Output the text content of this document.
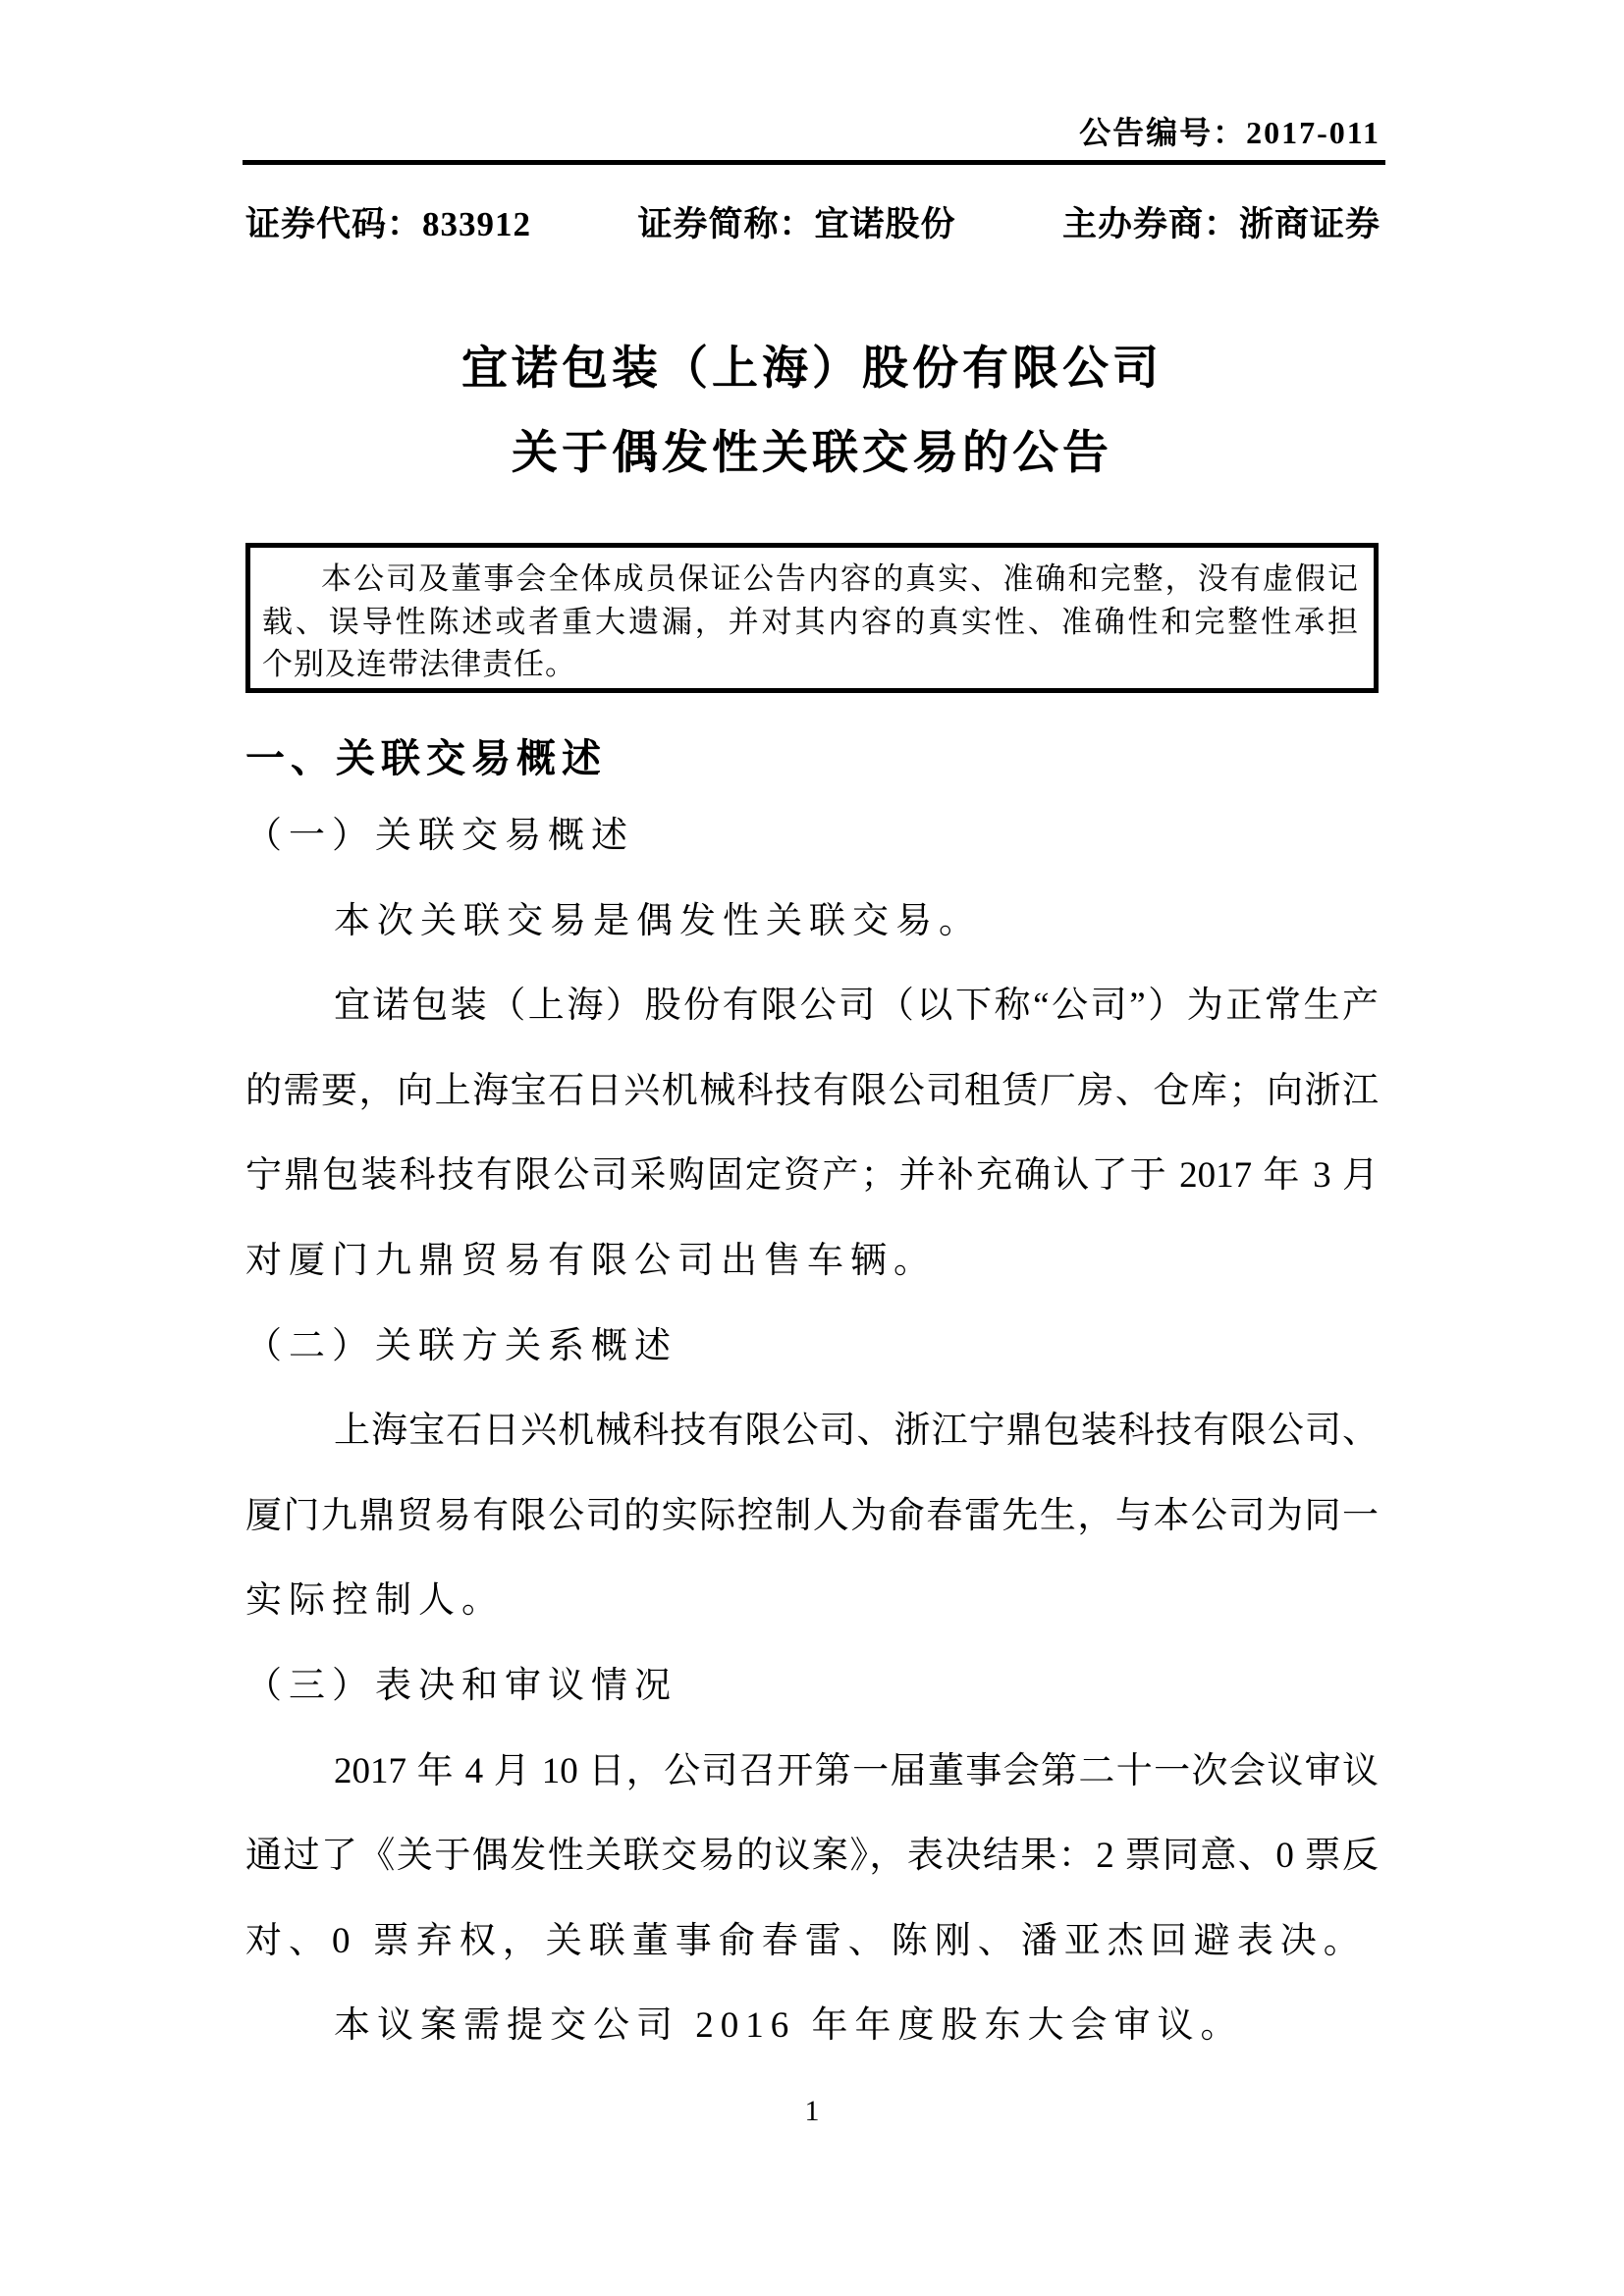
公告编号：2017-011
证券代码：833912	证券简称：宜诺股份	主办券商：浙商证券
宜诺包装（上海）股份有限公司
关于偶发性关联交易的公告
本公司及董事会全体成员保证公告内容的真实、准确和完整，没有虚假记
载、误导性陈述或者重大遗漏，并对其内容的真实性、准确性和完整性承担
个别及连带法律责任。
一、关联交易概述
（一）关联交易概述
本次关联交易是偶发性关联交易。
宜诺包装（上海）股份有限公司（以下称“公司”）为正常生产
的需要，向上海宝石日兴机械科技有限公司租赁厂房、仓库；向浙江
宁鼎包装科技有限公司采购固定资产；并补充确认了于 2017 年 3 月
对厦门九鼎贸易有限公司出售车辆。
（二）关联方关系概述
上海宝石日兴机械科技有限公司、浙江宁鼎包装科技有限公司、
厦门九鼎贸易有限公司的实际控制人为俞春雷先生，与本公司为同一
实际控制人。
（三）表决和审议情况
2017 年 4 月 10 日，公司召开第一届董事会第二十一次会议审议
通过了《关于偶发性关联交易的议案》，表决结果：2 票同意、0 票反
对、0 票弃权，关联董事俞春雷、陈刚、潘亚杰回避表决。
本议案需提交公司 2016 年年度股东大会审议。
1
